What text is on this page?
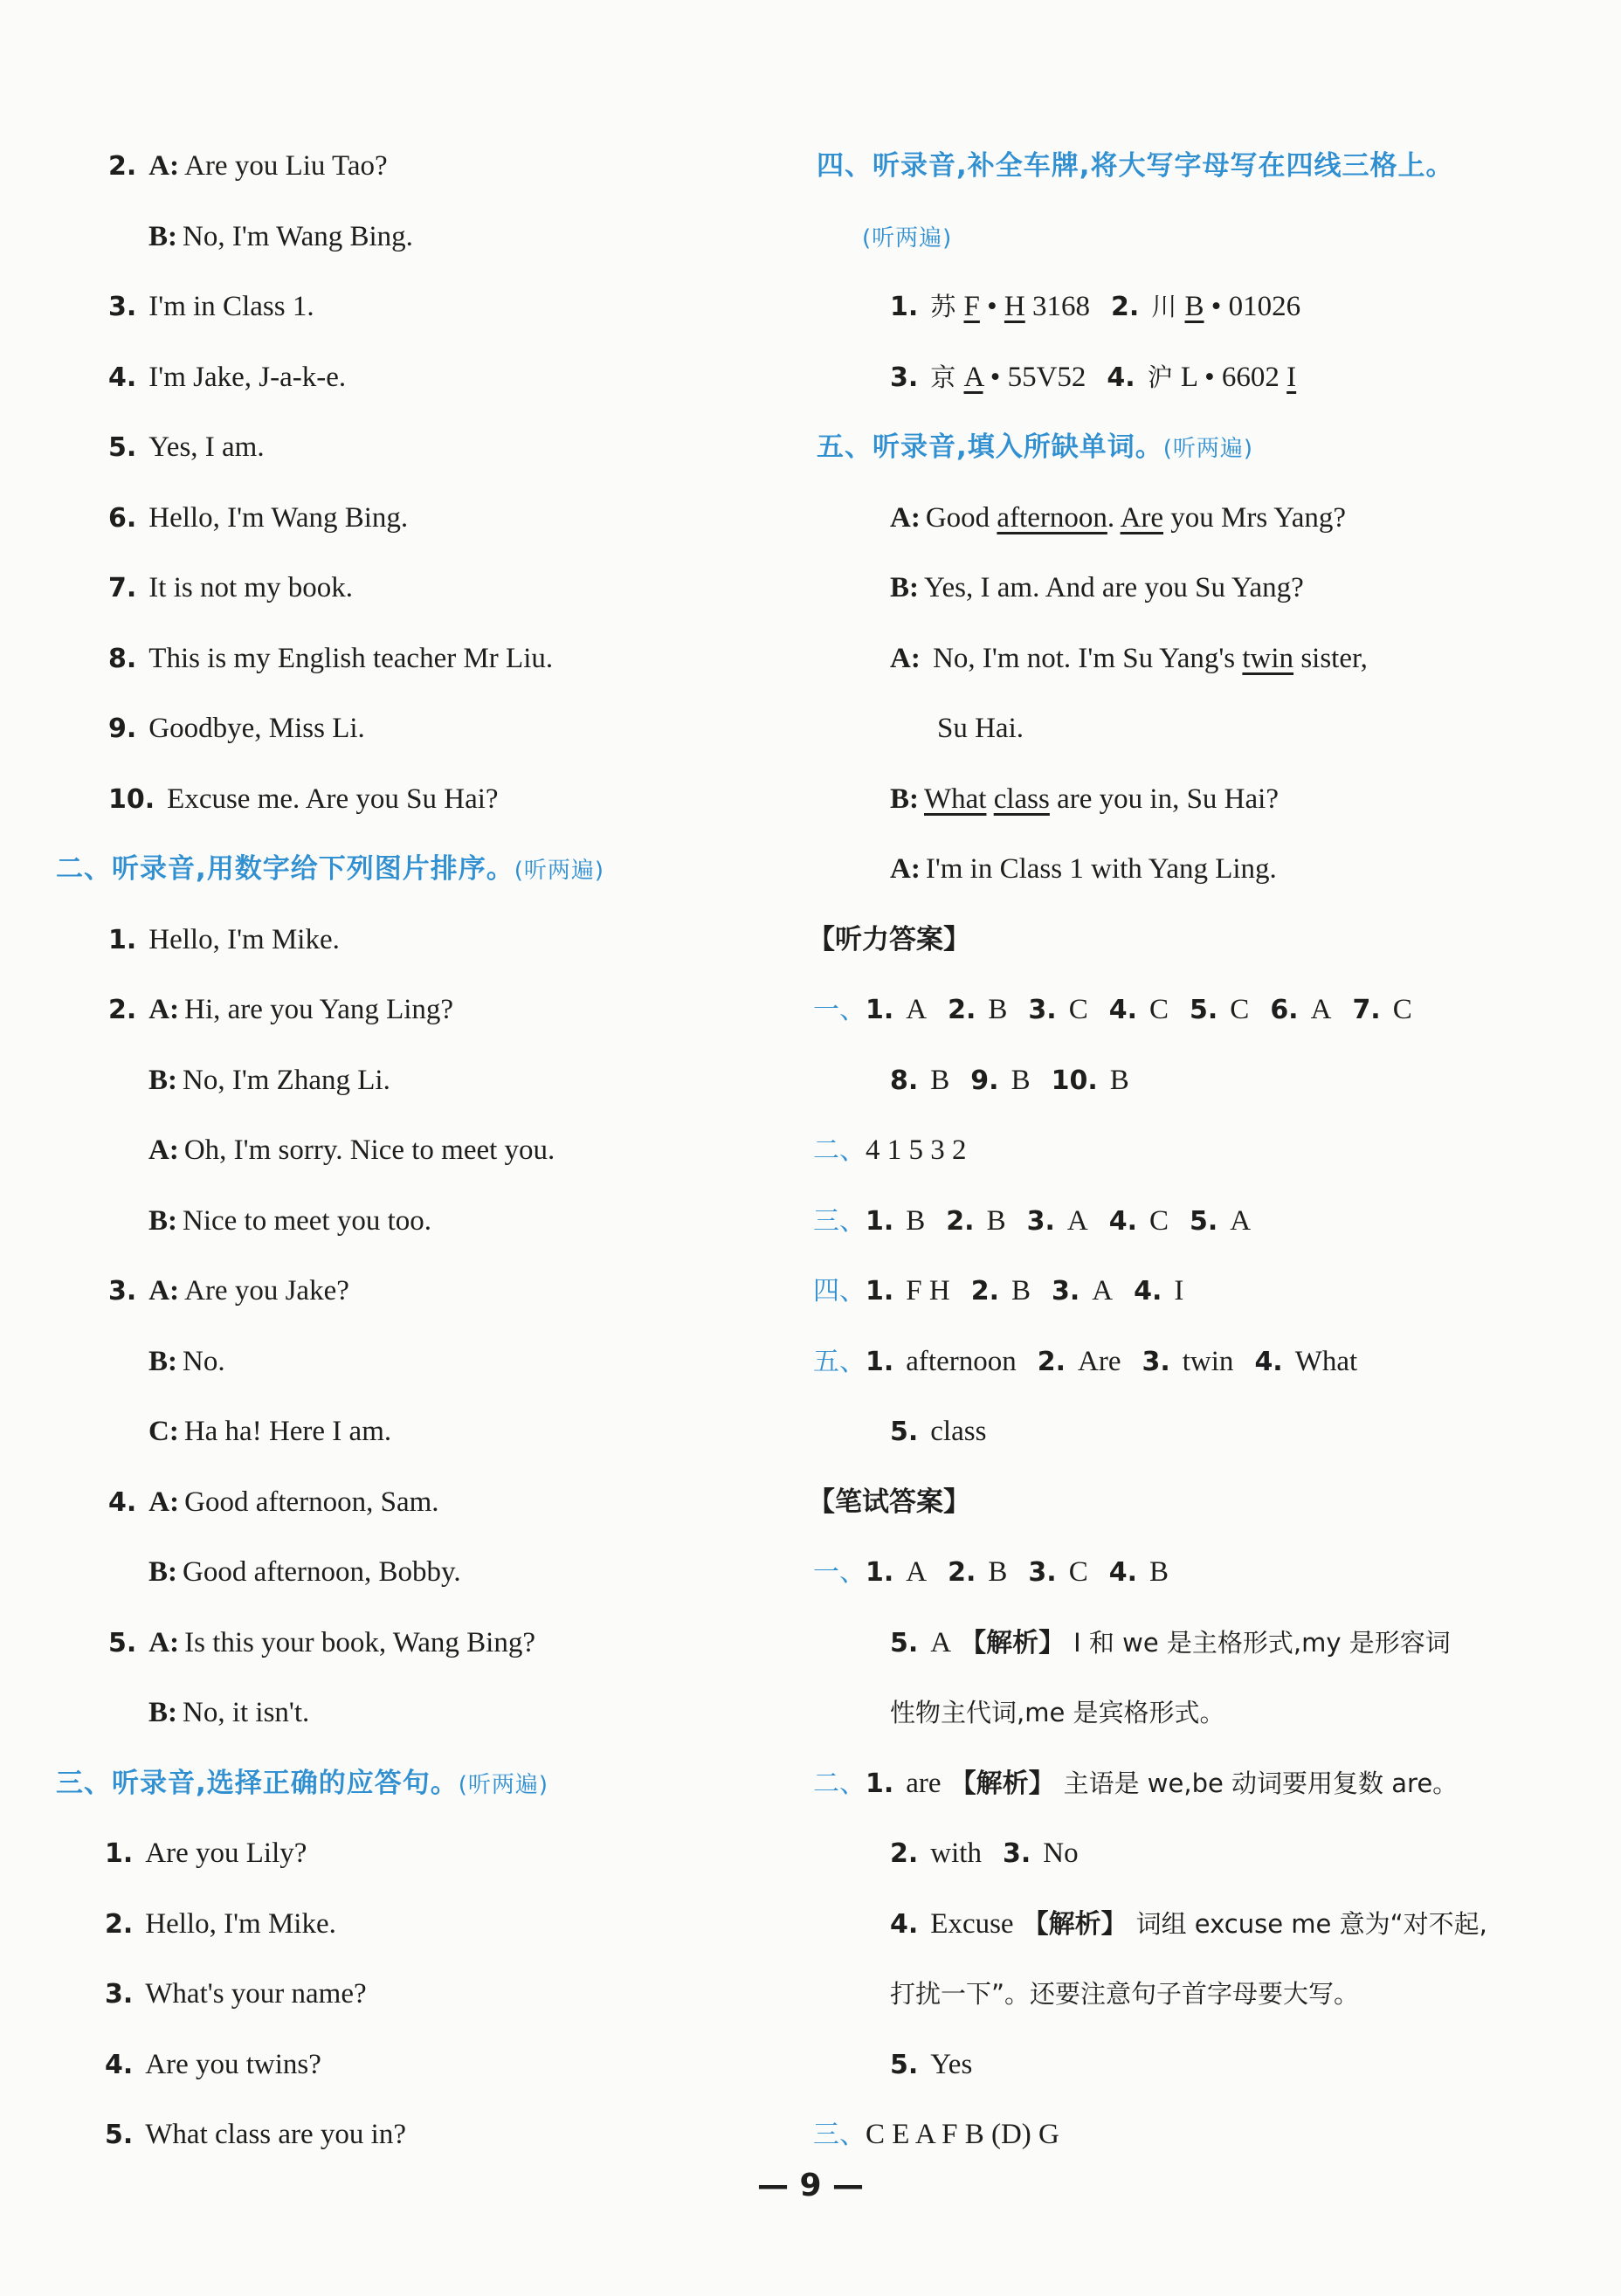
2. A: Are you Liu Tao?
B: No, I'm Wang Bing.
3. I'm in Class 1.
4. I'm Jake, J-a-k-e.
5. Yes, I am.
6. Hello, I'm Wang Bing.
7. It is not my book.
8. This is my English teacher Mr Liu.
9. Goodbye, Miss Li.
10. Excuse me. Are you Su Hai?
二、听录音,用数字给下列图片排序。(听两遍)
1. Hello, I'm Mike.
2. A: Hi, are you Yang Ling?
B: No, I'm Zhang Li.
A: Oh, I'm sorry. Nice to meet you.
B: Nice to meet you too.
3. A: Are you Jake?
B: No.
C: Ha ha! Here I am.
4. A: Good afternoon, Sam.
B: Good afternoon, Bobby.
5. A: Is this your book, Wang Bing?
B: No, it isn't.
三、听录音,选择正确的应答句。(听两遍)
1. Are you Lily?
2. Hello, I'm Mike.
3. What's your name?
4. Are you twins?
5. What class are you in?
四、听录音,补全车牌,将大写字母写在四线三格上。
(听两遍)
1. 苏 F • H 3168 2. 川 B • 01026
3. 京 A • 55V52 4. 沪 L • 6602 I
五、听录音,填入所缺单词。(听两遍)
A: Good afternoon. Are you Mrs Yang?
B: Yes, I am. And are you Su Yang?
A: No, I'm not. I'm Su Yang's twin sister,
Su Hai.
B: What class are you in, Su Hai?
A: I'm in Class 1 with Yang Ling.
【听力答案】
一、1. A 2. B 3. C 4. C 5. C 6. A 7. C
8. B 9. B 10. B
二、4 1 5 3 2
三、1. B 2. B 3. A 4. C 5. A
四、1. F H 2. B 3. A 4. I
五、1. afternoon 2. Are 3. twin 4. What
5. class
【笔试答案】
一、1. A 2. B 3. C 4. B
5. A 【解析】 I 和 we 是主格形式,my 是形容词
性物主代词,me 是宾格形式。
二、1. are 【解析】 主语是 we,be 动词要用复数 are。
2. with 3. No
4. Excuse 【解析】 词组 excuse me 意为“对不起,
打扰一下”。还要注意句子首字母要大写。
5. Yes
三、C E A F B (D) G
— 9 —
